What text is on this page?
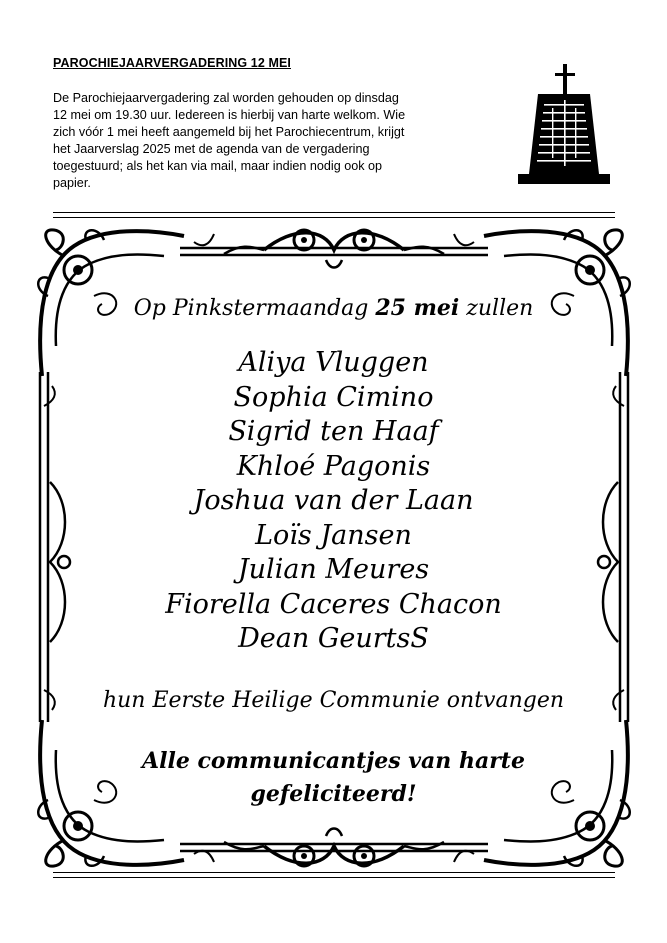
PAROCHIEJAARVERGADERING 12 MEI
De Parochiejaarvergadering zal worden gehouden op dinsdag
12 mei om 19.30 uur. Iedereen is hierbij van harte welkom. Wie
zich vóór 1 mei heeft aangemeld bij het Parochiecentrum, krijgt
het Jaarverslag 2025 met de agenda van de vergadering
toegestuurd; als het kan via mail, maar indien nodig ook op
papier.
Op Pinkstermaandag 25 mei zullen
Aliya Vluggen
Sophia Cimino
Sigrid ten Haaf
Khloé Pagonis
Joshua van der Laan
Loïs Jansen
Julian Meures
Fiorella Caceres Chacon
Dean GeurtsS
hun Eerste Heilige Communie ontvangen
Alle communicantjes van harte
gefeliciteerd!
